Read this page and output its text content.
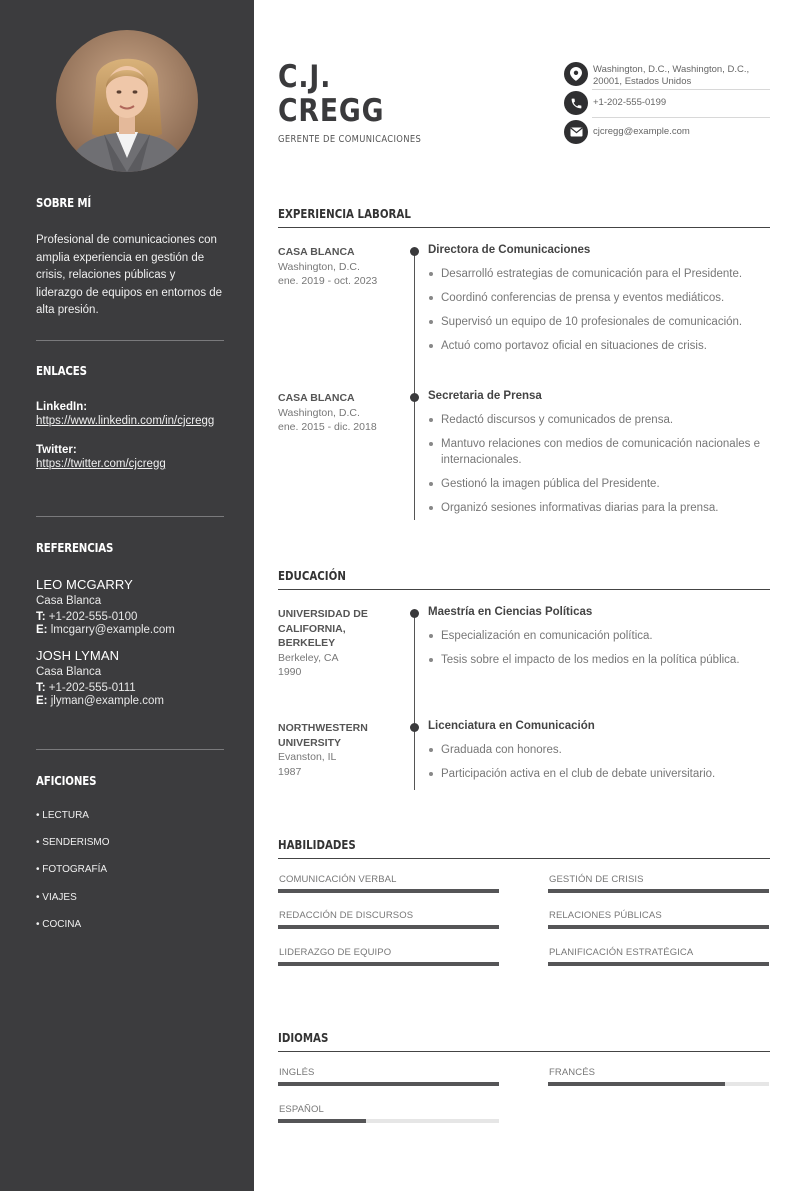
SOBRE MÍ

Profesional de comunicaciones con amplia experiencia en gestión de crisis, relaciones públicas y liderazgo de equipos en entornos de alta presión.

ENLACES
LinkedIn:
https://www.linkedin.com/in/cjcregg
Twitter:
https://twitter.com/cjcregg
REFERENCIAS
LEO MCGARRY
Casa Blanca
T: +1-202-555-0100
E: lmcgarry@example.com
JOSH LYMAN
Casa Blanca
T: +1-202-555-0111
E: jlyman@example.com
AFICIONES
• LECTURA
• SENDERISMO
• FOTOGRAFÍA
• VIAJES
• COCINA
C.J.
CREGG
GERENTE DE COMUNICACIONES
Washington, D.C., Washington, D.C., 20001, Estados Unidos
+1-202-555-0199
cjcregg@example.com
EXPERIENCIA LABORAL
CASA BLANCA
Washington, D.C.
ene. 2019 - oct. 2023
Directora de Comunicaciones
Desarrolló estrategias de comunicación para el Presidente.
Coordinó conferencias de prensa y eventos mediáticos.
Supervisó un equipo de 10 profesionales de comunicación.
Actuó como portavoz oficial en situaciones de crisis.
CASA BLANCA
Washington, D.C.
ene. 2015 - dic. 2018
Secretaria de Prensa
Redactó discursos y comunicados de prensa.
Mantuvo relaciones con medios de comunicación nacionales e internacionales.
Gestionó la imagen pública del Presidente.
Organizó sesiones informativas diarias para la prensa.
EDUCACIÓN
UNIVERSIDAD DE CALIFORNIA, BERKELEY
Berkeley, CA
1990
Maestría en Ciencias Políticas
Especialización en comunicación política.
Tesis sobre el impacto de los medios en la política pública.
NORTHWESTERN UNIVERSITY
Evanston, IL
1987
Licenciatura en Comunicación
Graduada con honores.
Participación activa en el club de debate universitario.
HABILIDADES
COMUNICACIÓN VERBAL	GESTIÓN DE CRISIS
REDACCIÓN DE DISCURSOS	RELACIONES PÚBLICAS
LIDERAZGO DE EQUIPO	PLANIFICACIÓN ESTRATÉGICA
IDIOMAS
INGLÉS	FRANCÉS
ESPAÑOL
